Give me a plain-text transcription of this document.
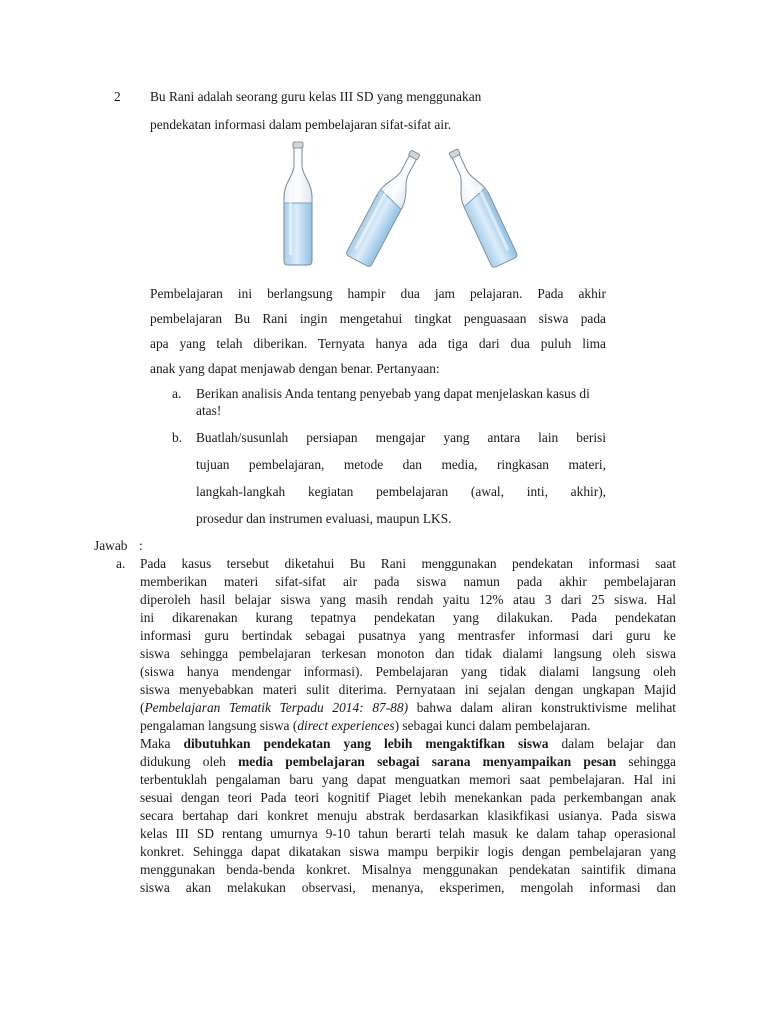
2 Bu Rani adalah seorang guru kelas III SD yang menggunakan
pendekatan informasi dalam pembelajaran sifat-sifat air.
Pembelajaran ini berlangsung hampir dua jam pelajaran. Pada akhir
pembelajaran Bu Rani ingin mengetahui tingkat penguasaan siswa pada
apa yang telah diberikan. Ternyata hanya ada tiga dari dua puluh lima
anak yang dapat menjawab dengan benar. Pertanyaan:
a. Berikan analisis Anda tentang penyebab yang dapat menjelaskan kasus di
atas!
b. Buatlah/susunlah persiapan mengajar yang antara lain berisi
tujuan pembelajaran, metode dan media, ringkasan materi,
langkah-langkah kegiatan pembelajaran (awal, inti, akhir),
prosedur dan instrumen evaluasi, maupun LKS.
Jawab :
a. Pada kasus tersebut diketahui Bu Rani menggunakan pendekatan informasi saat
memberikan materi sifat-sifat air pada siswa namun pada akhir pembelajaran
diperoleh hasil belajar siswa yang masih rendah yaitu 12% atau 3 dari 25 siswa. Hal
ini dikarenakan kurang tepatnya pendekatan yang dilakukan. Pada pendekatan
informasi guru bertindak sebagai pusatnya yang mentrasfer informasi dari guru ke
siswa sehingga pembelajaran terkesan monoton dan tidak dialami langsung oleh siswa
(siswa hanya mendengar informasi). Pembelajaran yang tidak dialami langsung oleh
siswa menyebabkan materi sulit diterima. Pernyataan ini sejalan dengan ungkapan Majid
(Pembelajaran Tematik Terpadu 2014: 87-88) bahwa dalam aliran konstruktivisme melihat
pengalaman langsung siswa (direct experiences) sebagai kunci dalam pembelajaran.
Maka dibutuhkan pendekatan yang lebih mengaktifkan siswa dalam belajar dan
didukung oleh media pembelajaran sebagai sarana menyampaikan pesan sehingga
terbentuklah pengalaman baru yang dapat menguatkan memori saat pembelajaran. Hal ini
sesuai dengan teori Pada teori kognitif Piaget lebih menekankan pada perkembangan anak
secara bertahap dari konkret menuju abstrak berdasarkan klasikfikasi usianya. Pada siswa
kelas III SD rentang umurnya 9-10 tahun berarti telah masuk ke dalam tahap operasional
konkret. Sehingga dapat dikatakan siswa mampu berpikir logis dengan pembelajaran yang
menggunakan benda-benda konkret. Misalnya menggunakan pendekatan saintifik dimana
siswa akan melakukan observasi, menanya, eksperimen, mengolah informasi dan
